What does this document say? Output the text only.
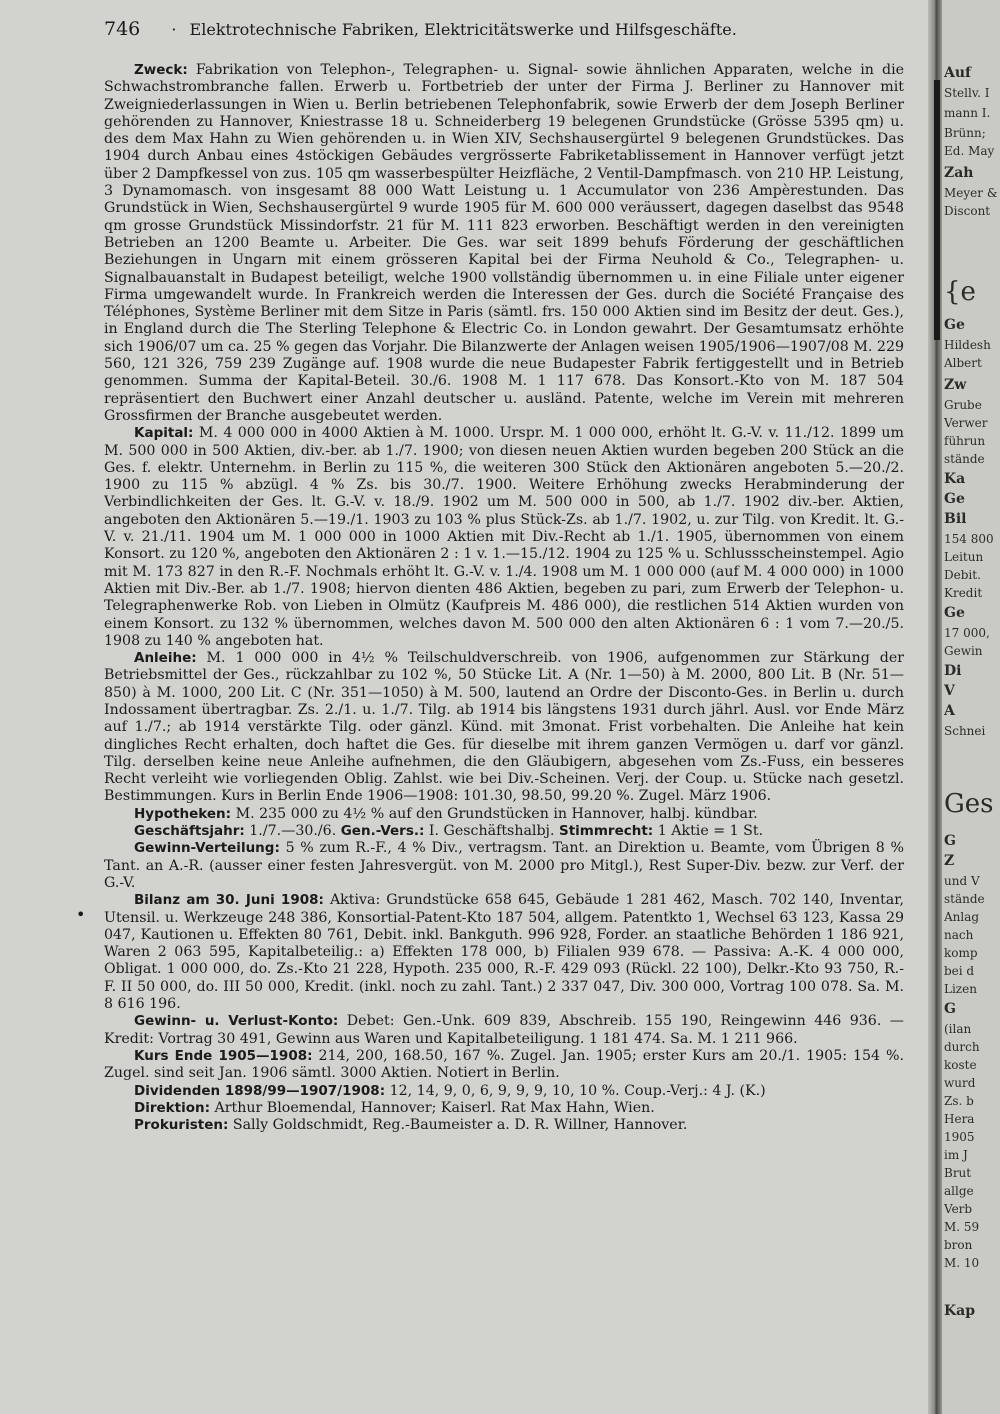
746 · Elektrotechnische Fabriken, Elektricitätswerke und Hilfsgeschäfte.

Zweck: Fabrikation von Telephon-, Telegraphen- u. Signal- sowie ähnlichen Apparaten, welche in die Schwachstrombranche fallen. Erwerb u. Fortbetrieb der unter der Firma J. Berliner zu Hannover mit Zweigniederlassungen in Wien u. Berlin betriebenen Telephonfabrik, sowie Erwerb der dem Joseph Berliner gehörenden zu Hannover, Kniestrasse 18 u. Schneiderberg 19 belegenen Grundstücke (Grösse 5395 qm) u. des dem Max Hahn zu Wien gehörenden u. in Wien XIV, Sechshausergürtel 9 belegenen Grundstückes. Das 1904 durch Anbau eines 4stöckigen Gebäudes vergrösserte Fabriketablissement in Hannover verfügt jetzt über 2 Dampfkessel von zus. 105 qm wasserbespülter Heizfläche, 2 Ventil-Dampfmasch. von 210 HP. Leistung, 3 Dynamomasch. von insgesamt 88 000 Watt Leistung u. 1 Accumulator von 236 Ampèrestunden. Das Grundstück in Wien, Sechshausergürtel 9 wurde 1905 für M. 600 000 veräussert, dagegen daselbst das 9548 qm grosse Grundstück Missindorfstr. 21 für M. 111 823 erworben. Beschäftigt werden in den vereinigten Betrieben an 1200 Beamte u. Arbeiter. Die Ges. war seit 1899 behufs Förderung der geschäftlichen Beziehungen in Ungarn mit einem grösseren Kapital bei der Firma Neuhold & Co., Telegraphen- u. Signalbauanstalt in Budapest beteiligt, welche 1900 vollständig übernommen u. in eine Filiale unter eigener Firma umgewandelt wurde. In Frankreich werden die Interessen der Ges. durch die Société Française des Téléphones, Système Berliner mit dem Sitze in Paris (sämtl. frs. 150 000 Aktien sind im Besitz der deut. Ges.), in England durch die The Sterling Telephone & Electric Co. in London gewahrt. Der Gesamtumsatz erhöhte sich 1906/07 um ca. 25 % gegen das Vorjahr. Die Bilanzwerte der Anlagen weisen 1905/1906—1907/08 M. 229 560, 121 326, 759 239 Zugänge auf. 1908 wurde die neue Budapester Fabrik fertiggestellt und in Betrieb genommen. Summa der Kapital-Beteil. 30./6. 1908 M. 1 117 678. Das Konsort.-Kto von M. 187 504 repräsentiert den Buchwert einer Anzahl deutscher u. ausländ. Patente, welche im Verein mit mehreren Grossfirmen der Branche ausgebeutet werden.

Kapital: M. 4 000 000 in 4000 Aktien à M. 1000. Urspr. M. 1 000 000, erhöht lt. G.-V. v. 11./12. 1899 um M. 500 000 in 500 Aktien, div.-ber. ab 1./7. 1900; von diesen neuen Aktien wurden begeben 200 Stück an die Ges. f. elektr. Unternehm. in Berlin zu 115 %, die weiteren 300 Stück den Aktionären angeboten 5.—20./2. 1900 zu 115 % abzügl. 4 % Zs. bis 30./7. 1900. Weitere Erhöhung zwecks Herabminderung der Verbindlichkeiten der Ges. lt. G.-V. v. 18./9. 1902 um M. 500 000 in 500, ab 1./7. 1902 div.-ber. Aktien, angeboten den Aktionären 5.—19./1. 1903 zu 103 % plus Stück-Zs. ab 1./7. 1902, u. zur Tilg. von Kredit. lt. G.-V. v. 21./11. 1904 um M. 1 000 000 in 1000 Aktien mit Div.-Recht ab 1./1. 1905, übernommen von einem Konsort. zu 120 %, angeboten den Aktionären 2 : 1 v. 1.—15./12. 1904 zu 125 % u. Schlussscheinstempel. Agio mit M. 173 827 in den R.-F. Nochmals erhöht lt. G.-V. v. 1./4. 1908 um M. 1 000 000 (auf M. 4 000 000) in 1000 Aktien mit Div.-Ber. ab 1./7. 1908; hiervon dienten 486 Aktien, begeben zu pari, zum Erwerb der Telephon- u. Telegraphenwerke Rob. von Lieben in Olmütz (Kaufpreis M. 486 000), die restlichen 514 Aktien wurden von einem Konsort. zu 132 % übernommen, welches davon M. 500 000 den alten Aktionären 6 : 1 vom 7.—20./5. 1908 zu 140 % angeboten hat.

Anleihe: M. 1 000 000 in 4½ % Teilschuldverschreib. von 1906, aufgenommen zur Stärkung der Betriebsmittel der Ges., rückzahlbar zu 102 %, 50 Stücke Lit. A (Nr. 1—50) à M. 2000, 800 Lit. B (Nr. 51—850) à M. 1000, 200 Lit. C (Nr. 351—1050) à M. 500, lautend an Ordre der Disconto-Ges. in Berlin u. durch Indossament übertragbar. Zs. 2./1. u. 1./7. Tilg. ab 1914 bis längstens 1931 durch jährl. Ausl. vor Ende März auf 1./7.; ab 1914 verstärkte Tilg. oder gänzl. Künd. mit 3monat. Frist vorbehalten. Die Anleihe hat kein dingliches Recht erhalten, doch haftet die Ges. für dieselbe mit ihrem ganzen Vermögen u. darf vor gänzl. Tilg. derselben keine neue Anleihe aufnehmen, die den Gläubigern, abgesehen vom Zs.-Fuss, ein besseres Recht verleiht wie vorliegenden Oblig. Zahlst. wie bei Div.-Scheinen. Verj. der Coup. u. Stücke nach gesetzl. Bestimmungen. Kurs in Berlin Ende 1906—1908: 101.30, 98.50, 99.20 %. Zugel. März 1906.

Hypotheken: M. 235 000 zu 4½ % auf den Grundstücken in Hannover, halbj. kündbar.

Geschäftsjahr: 1./7.—30./6. Gen.-Vers.: I. Geschäftshalbj. Stimmrecht: 1 Aktie = 1 St.

Gewinn-Verteilung: 5 % zum R.-F., 4 % Div., vertragsm. Tant. an Direktion u. Beamte, vom Übrigen 8 % Tant. an A.-R. (ausser einer festen Jahresvergüt. von M. 2000 pro Mitgl.), Rest Super-Div. bezw. zur Verf. der G.-V.

Bilanz am 30. Juni 1908: Aktiva: Grundstücke 658 645, Gebäude 1 281 462, Masch. 702 140, Inventar, Utensil. u. Werkzeuge 248 386, Konsortial-Patent-Kto 187 504, allgem. Patentkto 1, Wechsel 63 123, Kassa 29 047, Kautionen u. Effekten 80 761, Debit. inkl. Bankguth. 996 928, Forder. an staatliche Behörden 1 186 921, Waren 2 063 595, Kapitalbeteilig.: a) Effekten 178 000, b) Filialen 939 678. — Passiva: A.-K. 4 000 000, Obligat. 1 000 000, do. Zs.-Kto 21 228, Hypoth. 235 000, R.-F. 429 093 (Rückl. 22 100), Delkr.-Kto 93 750, R.-F. II 50 000, do. III 50 000, Kredit. (inkl. noch zu zahl. Tant.) 2 337 047, Div. 300 000, Vortrag 100 078. Sa. M. 8 616 196.

Gewinn- u. Verlust-Konto: Debet: Gen.-Unk. 609 839, Abschreib. 155 190, Reingewinn 446 936. — Kredit: Vortrag 30 491, Gewinn aus Waren und Kapitalbeteiligung. 1 181 474. Sa. M. 1 211 966.

Kurs Ende 1905—1908: 214, 200, 168.50, 167 %. Zugel. Jan. 1905; erster Kurs am 20./1. 1905: 154 %. Zugel. sind seit Jan. 1906 sämtl. 3000 Aktien. Notiert in Berlin.

Dividenden 1898/99—1907/1908: 12, 14, 9, 0, 6, 9, 9, 9, 10, 10 %. Coup.-Verj.: 4 J. (K.)

Direktion: Arthur Bloemendal, Hannover; Kaiserl. Rat Max Hahn, Wien.

Prokuristen: Sally Goldschmidt, Reg.-Baumeister a. D. R. Willner, Hannover.

•
Auf
Stellv. I
mann I.
Brünn;
Ed. May
Zah
Meyer &
Discont
{e
Ge
Hildesh
Albert
Zw
Grube
Verwer
führun
stände
Ka
Ge
Bil
154 800
Leitun
Debit.
Kredit
Ge
17 000,
Gewin
Di
V
A
Schnei
Ges
G
Z
und V
stände
Anlag
nach
komp
bei d
Lizen
G
(ilan
durch
koste
wurd
Zs. b
Hera
1905
im J
Brut
allge
Verb
M. 59
bron
M. 10
Kap
